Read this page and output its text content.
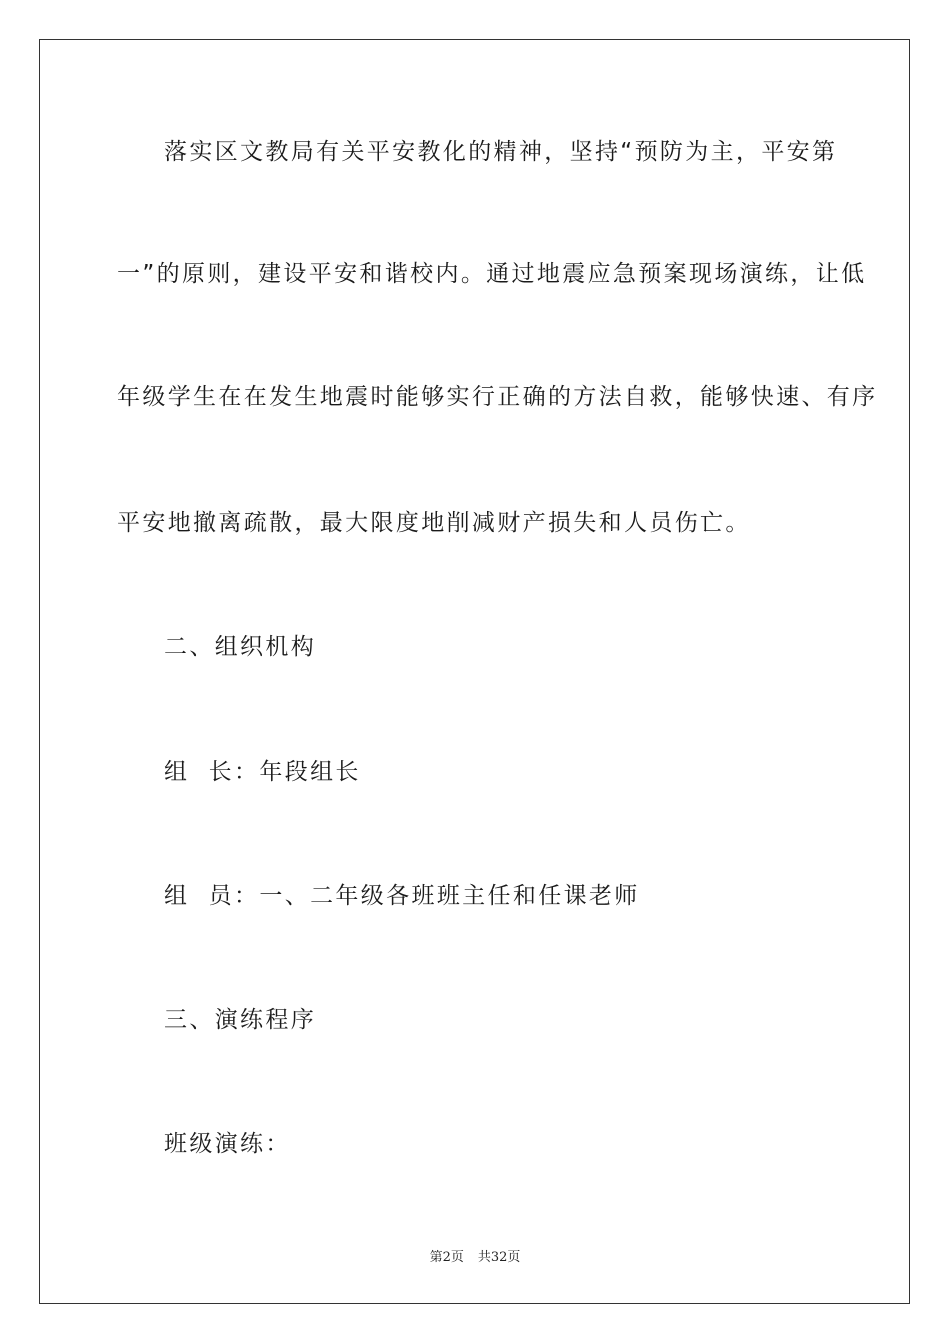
落实区文教局有关平安教化的精神，坚持“预防为主，平安第
一”的原则，建设平安和谐校内。通过地震应急预案现场演练，让低
年级学生在在发生地震时能够实行正确的方法自救，能够快速、有序
平安地撤离疏散，最大限度地削减财产损失和人员伤亡。
二、组织机构
组  长：年段组长
组  员：一、二年级各班班主任和任课老师
三、演练程序
班级演练：
第2页 共32页
